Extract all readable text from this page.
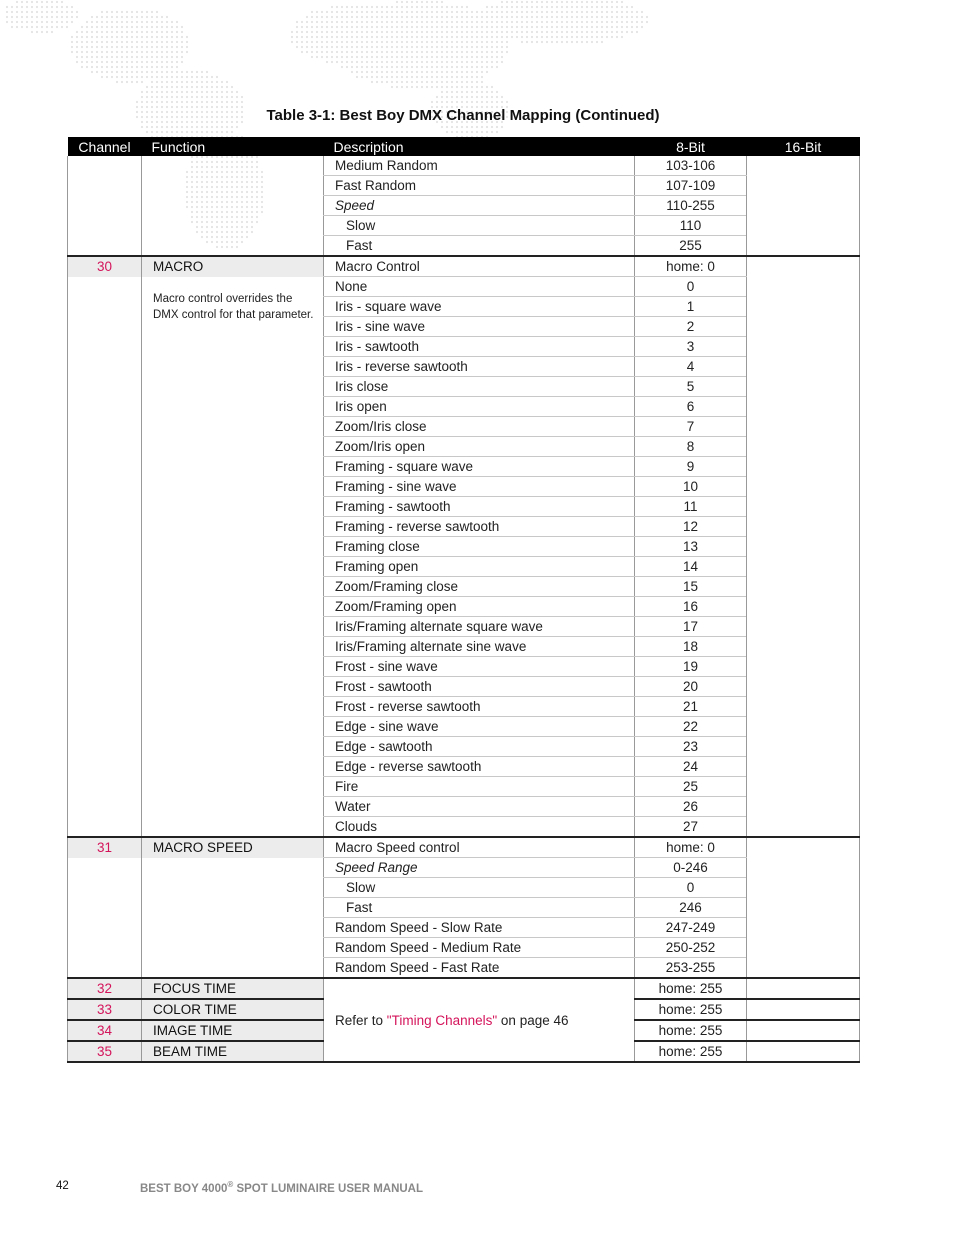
Table 3-1: Best Boy DMX Channel Mapping (Continued)
Channel	Function	Description	8-Bit	16-Bit
		Medium Random	103-106	
		Fast Random	107-109	
		Speed	110-255	
		Slow	110	
		Fast	255	
30	MACRO	Macro Control	home: 0	

	Macro control overrides the DMX control for that parameter.	None	0	
		Iris - square wave	1	
		Iris - sine wave	2	
		Iris - sawtooth	3	
		Iris - reverse sawtooth	4	
		Iris close	5	
		Iris open	6	
		Zoom/Iris close	7	
		Zoom/Iris open	8	
		Framing - square wave	9	
		Framing - sine wave	10	
		Framing - sawtooth	11	
		Framing - reverse sawtooth	12	
		Framing close	13	
		Framing open	14	
		Zoom/Framing close	15	
		Zoom/Framing open	16	
		Iris/Framing alternate square wave	17	
		Iris/Framing alternate sine wave	18	
		Frost - sine wave	19	
		Frost - sawtooth	20	
		Frost - reverse sawtooth	21	
		Edge - sine wave	22	
		Edge - sawtooth	23	
		Edge - reverse sawtooth	24	
		Fire	25	
		Water	26	
		Clouds	27	
31	MACRO SPEED	Macro Speed control	home: 0	
		Speed Range	0-246	
		Slow	0	
		Fast	246	
		Random Speed - Slow Rate	247-249	
		Random Speed - Medium Rate	250-252	
		Random Speed - Fast Rate	253-255	
32	FOCUS TIME	Refer to "Timing Channels" on page 46	home: 255	
33	COLOR TIME		home: 255	
34	IMAGE TIME		home: 255	
35	BEAM TIME		home: 255	
42	BEST BOY 4000® SPOT LUMINAIRE USER MANUAL
